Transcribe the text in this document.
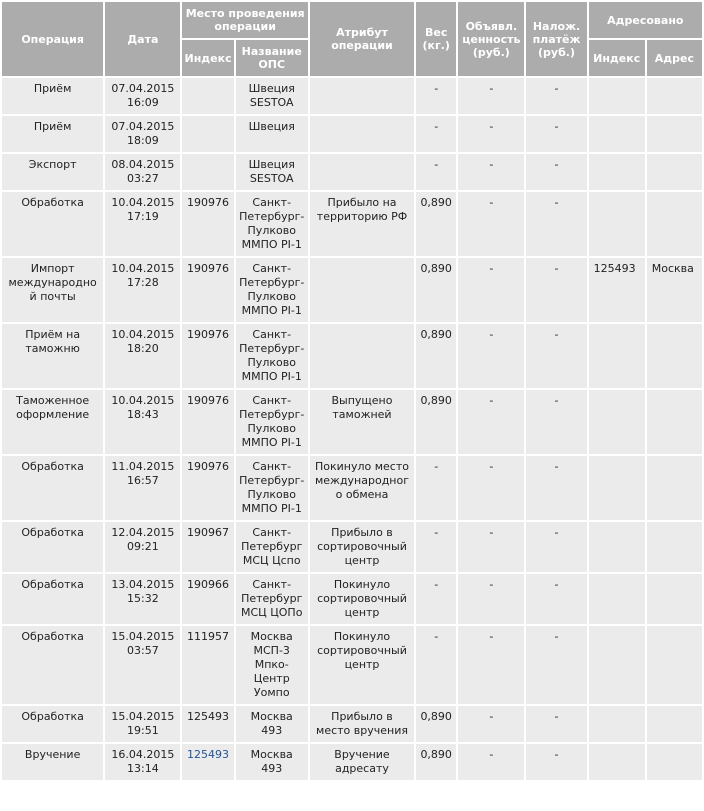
Операция	Дата	Место проведения операции		Атрибут операции	Вес (кг.)	Объявл. ценность (руб.)	Налож. платёж (руб.)	Адресовано	
		Индекс	Название ОПС					Индекс	Адрес
Приём	07.04.2015 16:09		Швеция SESTOA		-	-	-		
Приём	07.04.2015 18:09		Швеция		-	-	-		
Экспорт	08.04.2015 03:27		Швеция SESTOA		-	-	-		
Обработка	10.04.2015 17:19	190976	Санкт-Петербург-Пулково ММПО PI-1	Прибыло на территорию РФ	0,890	-	-		
Импорт международной почты	10.04.2015 17:28	190976	Санкт-Петербург-Пулково ММПО PI-1		0,890	-	-	125493	Москва
Приём на таможню	10.04.2015 18:20	190976	Санкт-Петербург-Пулково ММПО PI-1		0,890	-	-		
Таможенное оформление	10.04.2015 18:43	190976	Санкт-Петербург-Пулково ММПО PI-1	Выпущено таможней	0,890	-	-		
Обработка	11.04.2015 16:57	190976	Санкт-Петербург-Пулково ММПО PI-1	Покинуло место международного обмена	-	-	-		
Обработка	12.04.2015 09:21	190967	Санкт-Петербург МСЦ Цспо	Прибыло в сортировочный центр	-	-	-		
Обработка	13.04.2015 15:32	190966	Санкт-Петербург МСЦ ЦОПо	Покинуло сортировочный центр	-	-	-		
Обработка	15.04.2015 03:57	111957	Москва МСП-3 Мпко-Центр Уомпо	Покинуло сортировочный центр	-	-	-		
Обработка	15.04.2015 19:51	125493	Москва 493	Прибыло в место вручения	0,890	-	-		
Вручение	16.04.2015 13:14	125493	Москва 493	Вручение адресату	0,890	-	-		
